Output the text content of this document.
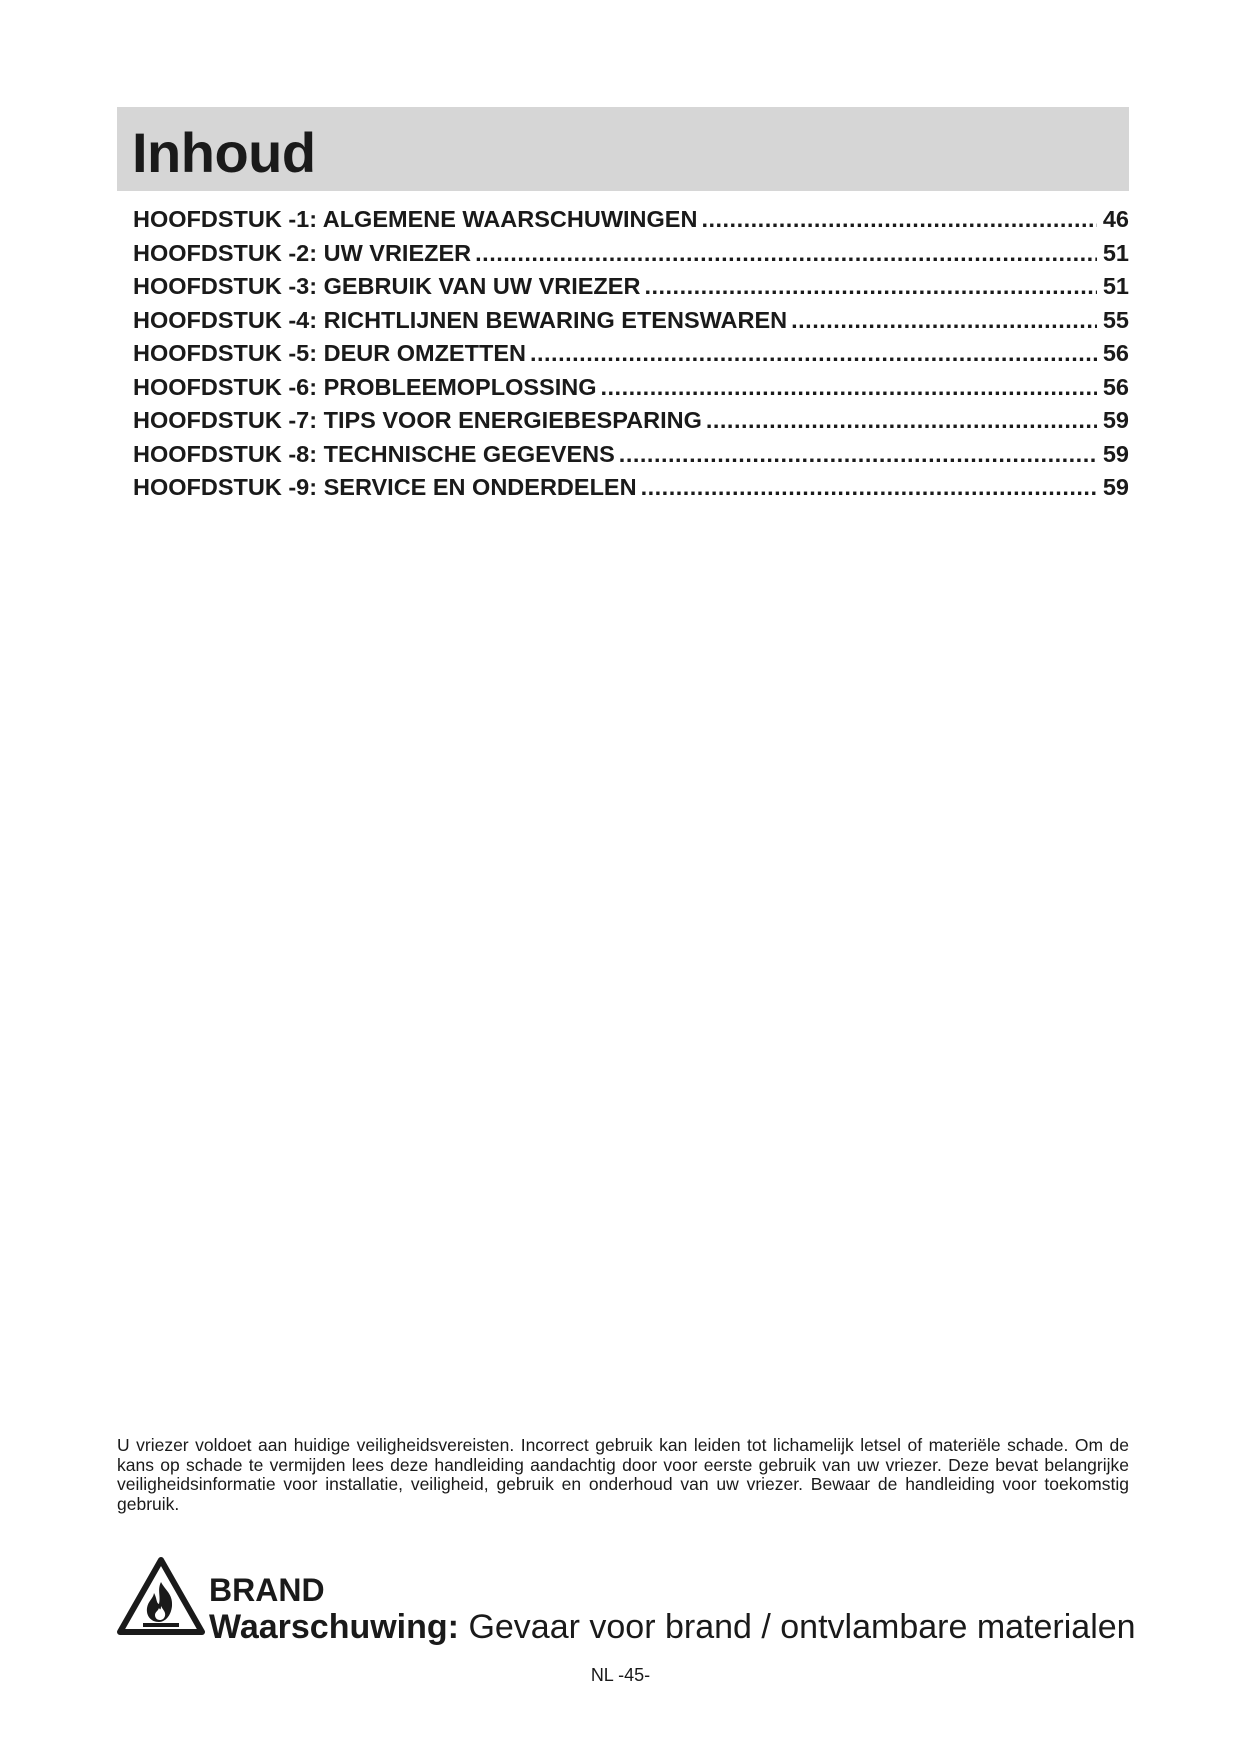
Inhoud
HOOFDSTUK -1: ALGEMENE WAARSCHUWINGEN .....	46
HOOFDSTUK -2: UW VRIEZER .....	51
HOOFDSTUK -3: GEBRUIK VAN UW VRIEZER .....	51
HOOFDSTUK -4: RICHTLIJNEN BEWARING ETENSWAREN .....	55
HOOFDSTUK -5: DEUR OMZETTEN .....	56
HOOFDSTUK -6: PROBLEEMOPLOSSING .....	56
HOOFDSTUK -7: TIPS VOOR ENERGIEBESPARING .....	59
HOOFDSTUK -8: TECHNISCHE GEGEVENS .....	59
HOOFDSTUK -9: SERVICE EN ONDERDELEN .....	59

U vriezer voldoet aan huidige veiligheidsvereisten. Incorrect gebruik kan leiden tot lichamelijk letsel of materiële schade. Om de kans op schade te vermijden lees deze handleiding aandachtig door voor eerste gebruik van uw vriezer. Deze bevat belangrijke veiligheidsinformatie voor installatie, veiligheid, gebruik en onderhoud van uw vriezer. Bewaar de handleiding voor toekomstig gebruik.

BRAND
Waarschuwing: Gevaar voor brand / ontvlambare materialen
NL -45-
